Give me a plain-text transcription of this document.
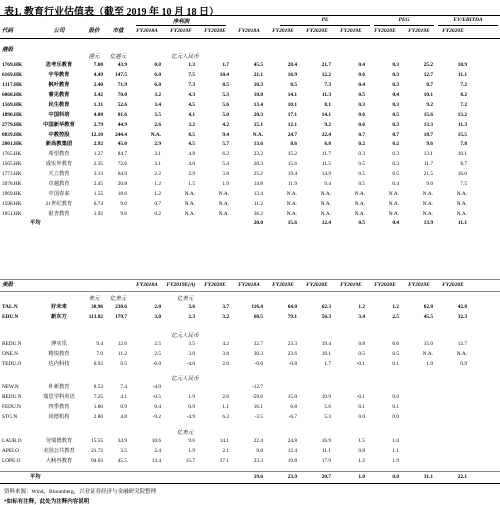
表1. 教育行业估值表（截至 2019 年 10 月 18 日）
净利润	PE	PEG	EV/EBITDA
代码	公司	股价	市值	FY2018A	FY2019F	FY2020E	FY2018A	FY2019E	FY2020E	FY2019E	FY2020E	FY2019E	FY2020E	
港股
港元	亿港元	亿元人民币
1769.HK	思考乐教育	7.00	43.9	0.8	1.3	1.7	45.5	28.4	21.7	0.4	0.3	25.2	18.9	
6169.HK	宇华教育	4.49	147.5	6.0	7.5	10.4	21.1	16.9	12.2	0.6	0.3	12.7	11.1	
1317.HK	枫叶教育	2.40	71.9	6.0	7.3	8.5	10.3	8.5	7.3	0.4	0.3	8.7	7.2	
6068.HK	睿见教育	3.42	70.0	3.2	4.3	5.3	18.8	14.1	11.3	0.5	0.4	10.1	8.2	
1569.HK	民生教育	1.31	52.6	3.4	4.5	5.6	13.4	10.1	8.1	0.3	0.3	9.2	7.2	
1890.HK	中国科培	4.08	81.6	3.5	4.1	5.0	20.3	17.1	14.1	0.6	0.5	15.6	13.2	
2779.HK	中国新华教育	2.79	44.9	2.6	3.2	4.2	15.1	12.1	9.2	0.6	0.3	13.3	11.3	
0839.HK	中教控股	12.10	244.4	N.A.	8.5	9.4	N.A.	24.7	22.4	0.7	0.7	18.7	15.5	
2001.HK	新高教集团	2.92	45.0	2.9	4.5	5.7	13.6	8.6	6.8	0.2	0.2	9.6	7.8	
1765.HK	希望教育	1.27	84.7	3.1	4.8	6.2	23.2	15.2	11.7	0.3	0.3	13.1	10.1	
1565.HK	成实外教育	2.35	72.6	3.1	4.0	5.4	20.3	15.6	11.5	0.5	0.3	11.7	8.7	
1773.HK	天立教育	3.13	64.9	2.2	2.9	3.8	25.2	19.4	14.9	0.5	0.5	21.5	16.0	
3978.HK	卓越教育	2.45	20.8	1.2	1.5	1.9	14.8	11.9	9.4	0.5	0.4	9.0	7.5	
1969.HK	中国春来	1.55	18.6	1.2	N.A.	N.A.	13.4	N.A.	N.A.	N.A.	N.A.	N.A.	N.A.	
1598.HK	21世纪教育	0.74	9.0	0.7	N.A.	N.A.	11.2	N.A.	N.A.	N.A.	N.A.	N.A.	N.A.	
1851.HK	银杏教育	1.92	9.6	0.2	N.A.	N.A.	36.2	N.A.	N.A.	N.A.	N.A.	N.A.	N.A.	
平均							20.0	15.6	12.4	0.5	0.4	13.9	11.1	
美股				FY2018A	FY2019E(A)	FY2020E	FY2018A	FY2019E	FY2020E	FY2019E	FY2020E	FY2019E	FY2020E	
美元	亿美元	亿美元
TAL.N	好未来	38.96	230.6	2.0	3.6	3.7	116.4	64.0	62.3	1.2	1.2	62.8	42.8	
EDU.N	新东方	113.82	179.7	3.0	2.3	3.2	60.5	79.1	56.3	3.4	2.5	45.5	32.3	
亿元人民币
BEDU.N	博实乐	9.4	12.0	2.5	3.5	4.2	32.7	23.3	19.4	0.8	0.6	15.0	12.7	
ONE.N	精锐教育	7.0	11.2	2.5	3.0	3.8	30.3	23.6	18.1	0.5	0.5	N.A.	N.A.	
TEDU.O	达内科技	0.93	0.5	-6.0	-4.0	2.0	-0.6	-0.8	1.7	-0.1	0.1	1.0	0.9	
亿元人民币
NEW.N	朴新教育	8.53	7.4	-4.0			-12.7							
REDU.N	瑞思学科英语	7.25	4.1	-0.5	1.9	2.6	-59.6	15.0	10.9	-0.1	0.0			
FEDU.N	四季教育	1.80	0.9	0.4	0.9	1.1	16.1	6.8	5.6	0.1	0.1			
STG.N	尚德机构	2.80	4.8	-9.2	-4.9	6.2	-3.5	-6.7	5.3	0.0	0.0			
亿美元
LAUR.O	劳瑞德教育	15.55	34.9	10.6	9.6	14.1	22.4	24.8	16.9	1.5	1.0			
APEI.O	美国公共教育	21.72	3.5	2.4	1.9	2.1	9.8	12.4	11.1	0.8	1.1			
LOPE.O	大峡谷教育	94.03	45.5	13.4	15.7	17.1	23.3	19.8	17.9	1.2	1.9			
平均							19.6	23.9	20.7	1.0	0.8	31.1	22.1	
资料来源：Wind，Bloomberg，兴业证券经济与金融研究院整理
*如标有注释，此处为注释内容说明
